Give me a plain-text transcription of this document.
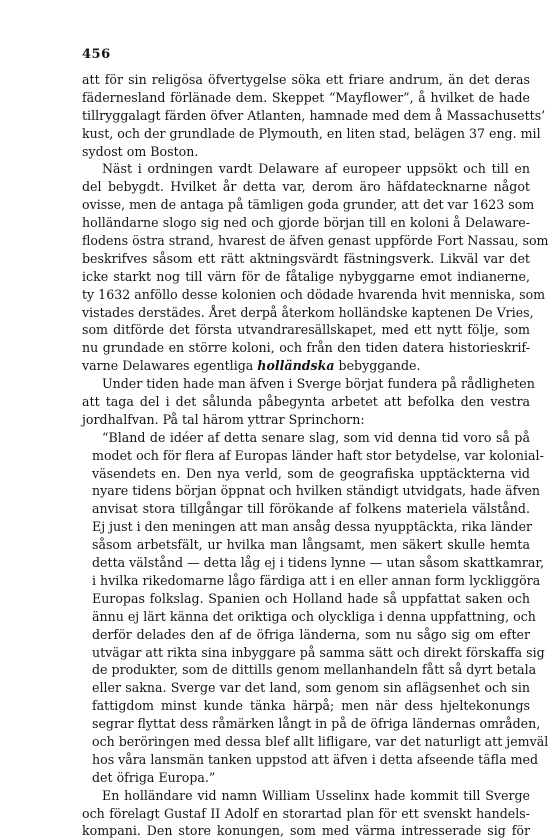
456
att för sin religösa öfvertygelse söka ett friare andrum, än det deras
fädernesland förlänade dem. Skeppet “Mayflower”, å hvilket de hade
tillryggalagt färden öfver Atlanten, hamnade med dem å Massachusetts’
kust, och der grundlade de Plymouth, en liten stad, belägen 37 eng. mil
sydost om Boston.
Näst i ordningen vardt Delaware af europeer uppsökt och till en
del bebygdt. Hvilket år detta var, derom äro häfdatecknarne något
ovisse, men de antaga på tämligen goda grunder, att det var 1623 som
holländarne slogo sig ned och gjorde början till en koloni å Delaware-
flodens östra strand, hvarest de äfven genast uppförde Fort Nassau, som
beskrifves såsom ett rätt aktningsvärdt fästningsverk. Likväl var det
icke starkt nog till värn för de fåtalige nybyggarne emot indianerne,
ty 1632 anföllo desse kolonien och dödade hvarenda hvit menniska, som
vistades derstädes. Året derpå återkom holländske kaptenen De Vries,
som ditförde det första utvandraresällskapet, med ett nytt följe, som
nu grundade en större koloni, och från den tiden datera historieskrif-
varne Delawares egentliga holländska bebyggande.
Under tiden hade man äfven i Sverge börjat fundera på rådligheten
att taga del i det sålunda påbegynta arbetet att befolka den vestra
jordhalfvan. På tal härom yttrar Sprinchorn:
“Bland de idéer af detta senare slag, som vid denna tid voro så på
modet och för flera af Europas länder haft stor betydelse, var kolonial-
väsendets en. Den nya verld, som de geografiska upptäckterna vid
nyare tidens början öppnat och hvilken ständigt utvidgats, hade äfven
anvisat stora tillgångar till förökande af folkens materiela välstånd.
Ej just i den meningen att man ansåg dessa nyupptäckta, rika länder
såsom arbetsfält, ur hvilka man långsamt, men säkert skulle hemta
detta välstånd — detta låg ej i tidens lynne — utan såsom skattkamrar,
i hvilka rikedomarne lågo färdiga att i en eller annan form lyckliggöra
Europas folkslag. Spanien och Holland hade så uppfattat saken och
ännu ej lärt känna det oriktiga och olyckliga i denna uppfattning, och
derför delades den af de öfriga länderna, som nu sågo sig om efter
utvägar att rikta sina inbyggare på samma sätt och direkt förskaffa sig
de produkter, som de dittills genom mellanhandeln fått så dyrt betala
eller sakna. Sverge var det land, som genom sin aflägsenhet och sin
fattigdom minst kunde tänka härpå; men när dess hjeltekonungs
segrar flyttat dess råmärken långt in på de öfriga ländernas områden,
och beröringen med dessa blef allt lifligare, var det naturligt att jemväl
hos våra lansmän tanken uppstod att äfven i detta afseende täfla med
det öfriga Europa.”
En holländare vid namn William Usselinx hade kommit till Sverge
och förelagt Gustaf II Adolf en storartad plan för ett svenskt handels-
kompani. Den store konungen, som med värma intresserade sig för
